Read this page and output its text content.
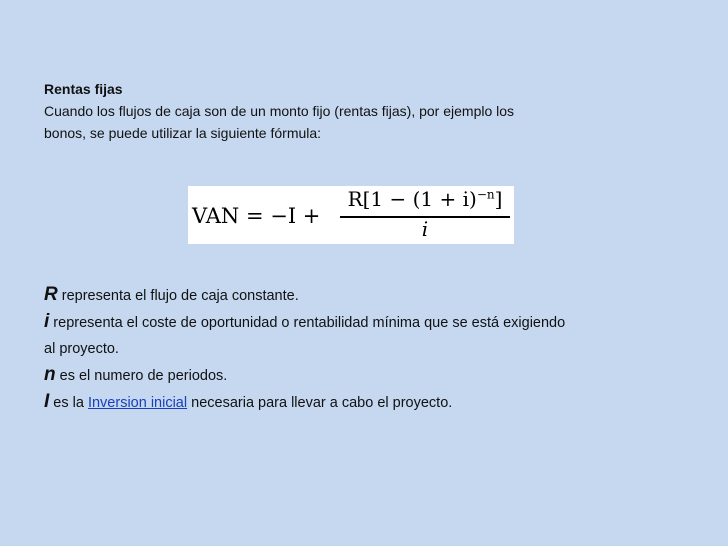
Rentas fijas
Cuando los flujos de caja son de un monto fijo (rentas fijas), por ejemplo los
bonos, se puede utilizar la siguiente fórmula:
VAN = −I +
$R[1 - (1 + i)^{-n}]$
i
R representa el flujo de caja constante.
i representa el coste de oportunidad o rentabilidad mínima que se está exigiendo
al proyecto.
n es el numero de periodos.
I es la Inversion inicial necesaria para llevar a cabo el proyecto.
